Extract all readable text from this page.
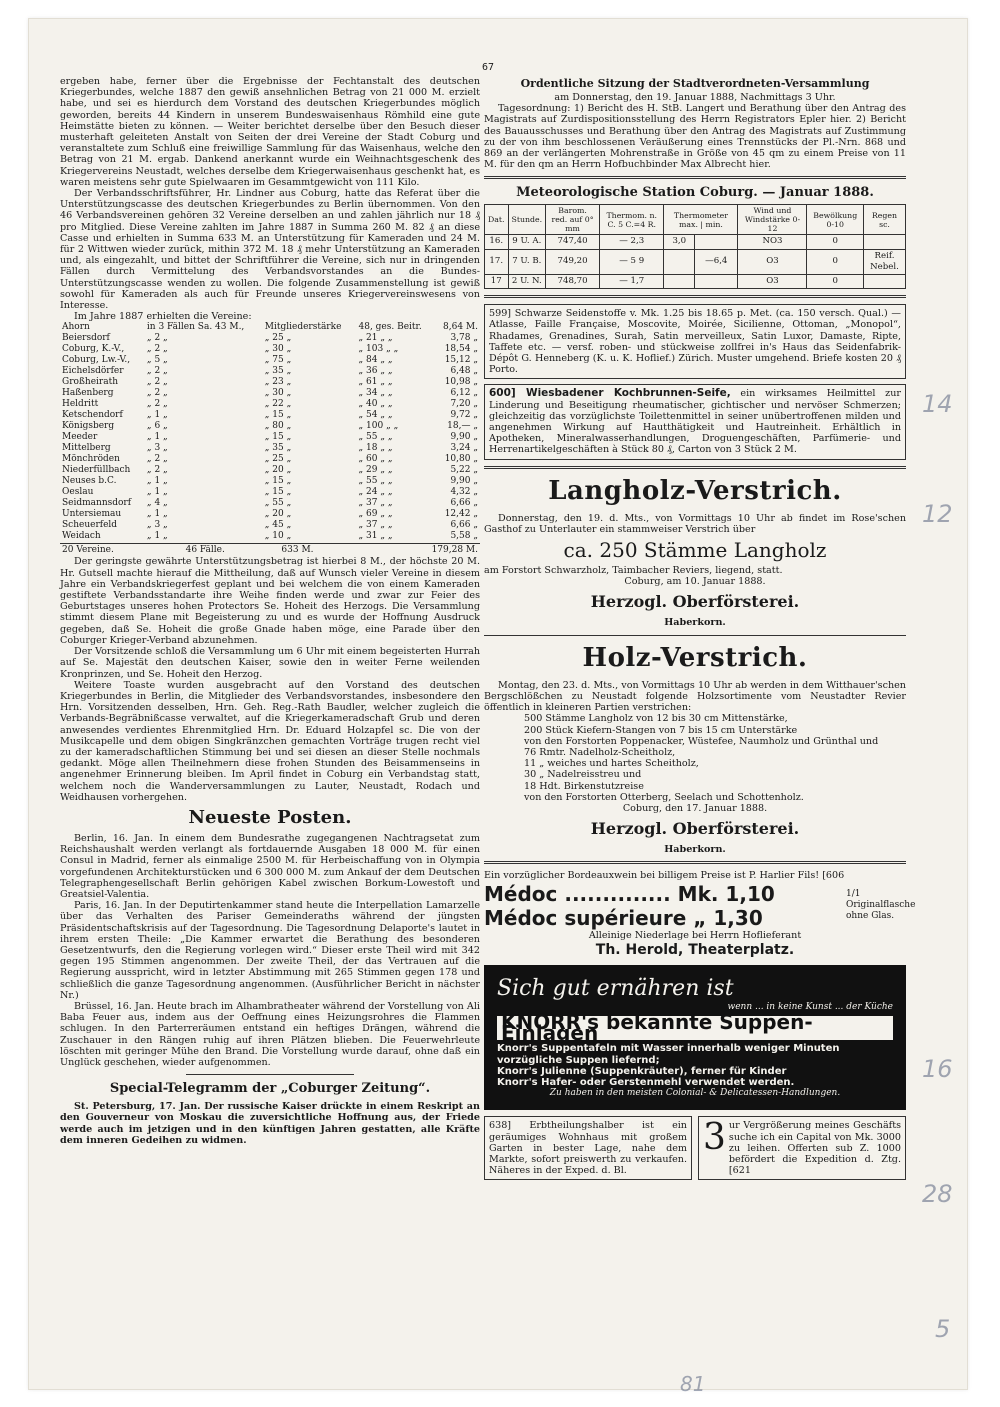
67

ergeben habe, ferner über die Ergebnisse der Fechtanstalt des deutschen Kriegerbundes, welche 1887 den gewiß ansehnlichen Betrag von 21 000 M. erzielt habe, und sei es hierdurch dem Vorstand des deutschen Kriegerbundes möglich geworden, bereits 44 Kindern in unserem Bundeswaisenhaus Römhild eine gute Heimstätte bieten zu können. — Weiter berichtet derselbe über den Besuch dieser musterhaft geleiteten Anstalt von Seiten der drei Vereine der Stadt Coburg und veranstaltete zum Schluß eine freiwillige Sammlung für das Waisenhaus, welche den Betrag von 21 M. ergab. Dankend anerkannt wurde ein Weihnachtsgeschenk des Kriegervereins Neustadt, welches derselbe dem Kriegerwaisenhaus geschenkt hat, es waren meistens sehr gute Spielwaaren im Gesammtgewicht von 111 Kilo.

Der Verbandsschriftsführer, Hr. Lindner aus Coburg, hatte das Referat über die Unterstützungscasse des deutschen Kriegerbundes zu Berlin übernommen. Von den 46 Verbandsvereinen gehören 32 Vereine derselben an und zahlen jährlich nur 18 ₰ pro Mitglied. Diese Vereine zahlten im Jahre 1887 in Summa 260 M. 82 ₰ an diese Casse und erhielten in Summa 633 M. an Unterstützung für Kameraden und 24 M. für 2 Wittwen wieder zurück, mithin 372 M. 18 ₰ mehr Unterstützung an Kameraden und, als eingezahlt, und bittet der Schriftführer die Vereine, sich nur in dringenden Fällen durch Vermittelung des Verbandsvorstandes an die Bundes-Unterstützungscasse wenden zu wollen. Die folgende Zusammenstellung ist gewiß sowohl für Kameraden als auch für Freunde unseres Kriegervereinswesens von Interesse.

Im Jahre 1887 erhielten die Vereine:

Ahorn	in 3 Fällen Sa. 43 M.,	Mitgliederstärke	48, ges. Beitr.	8,64 M.
Beiersdorf	„ 2 „	„ 25 „	„ 21 „ „	3,78 „
Coburg, K.-V.,	„ 2 „	„ 30 „	„ 103 „ „	18,54 „
Coburg, Lw.-V.,	„ 5 „	„ 75 „	„ 84 „ „	15,12 „
Eichelsdörfer	„ 2 „	„ 35 „	„ 36 „ „	6,48 „
Großheirath	„ 2 „	„ 23 „	„ 61 „ „	10,98 „
Haßenberg	„ 2 „	„ 30 „	„ 34 „ „	6,12 „
Heldritt	„ 2 „	„ 22 „	„ 40 „ „	7,20 „
Ketschendorf	„ 1 „	„ 15 „	„ 54 „ „	9,72 „
Königsberg	„ 6 „	„ 80 „	„ 100 „ „	18,— „
Meeder	„ 1 „	„ 15 „	„ 55 „ „	9,90 „
Mittelberg	„ 3 „	„ 35 „	„ 18 „ „	3,24 „
Mönchröden	„ 2 „	„ 25 „	„ 60 „ „	10,80 „
Niederfüllbach	„ 2 „	„ 20 „	„ 29 „ „	5,22 „
Neuses b.C.	„ 1 „	„ 15 „	„ 55 „ „	9,90 „
Oeslau	„ 1 „	„ 15 „	„ 24 „ „	4,32 „
Seidmannsdorf	„ 4 „	„ 55 „	„ 37 „ „	6,66 „
Untersiemau	„ 1 „	„ 20 „	„ 69 „ „	12,42 „
Scheuerfeld	„ 3 „	„ 45 „	„ 37 „ „	6,66 „
Weidach	„ 1 „	„ 10 „	„ 31 „ „	5,58 „
20 Vereine.	46 Fälle.	633 M.		179,28 M.

Der geringste gewährte Unterstützungsbetrag ist hierbei 8 M., der höchste 20 M. Hr. Gutsell machte hierauf die Mittheilung, daß auf Wunsch vieler Vereine in diesem Jahre ein Verbandskriegerfest geplant und bei welchem die von einem Kameraden gestiftete Verbandsstandarte ihre Weihe finden werde und zwar zur Feier des Geburtstages unseres hohen Protectors Se. Hoheit des Herzogs. Die Versammlung stimmt diesem Plane mit Begeisterung zu und es wurde der Hoffnung Ausdruck gegeben, daß Se. Hoheit die große Gnade haben möge, eine Parade über den Coburger Krieger-Verband abzunehmen.

Der Vorsitzende schloß die Versammlung um 6 Uhr mit einem begeisterten Hurrah auf Se. Majestät den deutschen Kaiser, sowie den in weiter Ferne weilenden Kronprinzen, und Se. Hoheit den Herzog.

Weitere Toaste wurden ausgebracht auf den Vorstand des deutschen Kriegerbundes in Berlin, die Mitglieder des Verbandsvorstandes, insbesondere den Hrn. Vorsitzenden desselben, Hrn. Geh. Reg.-Rath Baudler, welcher zugleich die Verbands-Begräbnißcasse verwaltet, auf die Kriegerkameradschaft Grub und deren anwesendes verdientes Ehrenmitglied Hrn. Dr. Eduard Holzapfel sc. Die von der Musikcapelle und dem obigen Singkränzchen gemachten Vorträge trugen recht viel zu der kameradschaftlichen Stimmung bei und sei diesen an dieser Stelle nochmals gedankt. Möge allen Theilnehmern diese frohen Stunden des Beisammenseins in angenehmer Erinnerung bleiben. Im April findet in Coburg ein Verbandstag statt, welchem noch die Wanderversammlungen zu Lauter, Neustadt, Rodach und Weidhausen vorhergehen.

Neueste Posten.

Berlin, 16. Jan. In einem dem Bundesrathe zugegangenen Nachtragsetat zum Reichshaushalt werden verlangt als fortdauernde Ausgaben 18 000 M. für einen Consul in Madrid, ferner als einmalige 2500 M. für Herbeischaffung von in Olympia vorgefundenen Architekturstücken und 6 300 000 M. zum Ankauf der dem Deutschen Telegraphengesellschaft Berlin gehörigen Kabel zwischen Borkum-Lowestoft und Greatsiel-Valentia.

Paris, 16. Jan. In der Deputirtenkammer stand heute die Interpellation Lamarzelle über das Verhalten des Pariser Gemeinderaths während der jüngsten Präsidentschaftskrisis auf der Tagesordnung. Die Tagesordnung Delaporte's lautet in ihrem ersten Theile: „Die Kammer erwartet die Berathung des besonderen Gesetzentwurfs, den die Regierung vorlegen wird.“ Dieser erste Theil wird mit 342 gegen 195 Stimmen angenommen. Der zweite Theil, der das Vertrauen auf die Regierung ausspricht, wird in letzter Abstimmung mit 265 Stimmen gegen 178 und schließlich die ganze Tagesordnung angenommen. (Ausführlicher Bericht in nächster Nr.)

Brüssel, 16. Jan. Heute brach im Alhambratheater während der Vorstellung von Ali Baba Feuer aus, indem aus der Oeffnung eines Heizungsrohres die Flammen schlugen. In den Parterreräumen entstand ein heftiges Drängen, während die Zuschauer in den Rängen ruhig auf ihren Plätzen blieben. Die Feuerwehrleute löschten mit geringer Mühe den Brand. Die Vorstellung wurde darauf, ohne daß ein Unglück geschehen, wieder aufgenommen.

Special-Telegramm der „Coburger Zeitung“.

St. Petersburg, 17. Jan. Der russische Kaiser drückte in einem Reskript an den Gouverneur von Moskau die zuversichtliche Hoffnung aus, der Friede werde auch im jetzigen und in den künftigen Jahren gestatten, alle Kräfte dem inneren Gedeihen zu widmen.

Ordentliche Sitzung der Stadtverordneten-Versammlung

am Donnerstag, den 19. Januar 1888, Nachmittags 3 Uhr.

Tagesordnung: 1) Bericht des H. StB. Langert und Berathung über den Antrag des Magistrats auf Zurdispositionsstellung des Herrn Registrators Epler hier. 2) Bericht des Bauausschusses und Berathung über den Antrag des Magistrats auf Zustimmung zu der von ihm beschlossenen Veräußerung eines Trennstücks der Pl.-Nrn. 868 und 869 an der verlängerten Mohrenstraße in Größe von 45 qm zu einem Preise von 11 M. für den qm an Herrn Hofbuchbinder Max Albrecht hier.

Meteorologische Station Coburg. — Januar 1888.
Dat.	Stunde.	Barom. red. auf 0° mm	Thermom. n. C. 5 C.=4 R.	Thermometer max. | min.		Wind und Windstärke 0-12	Bewölkung 0-10	Regen sc.
16.	9 U. A.	747,40	— 2,3	3,0		NO3	0	
17.	7 U. B.	749,20	— 5 9		—6,4	O3	0	Reif. Nebel.
17	2 U. N.	748,70	— 1,7			O3	0	

599] Schwarze Seidenstoffe v. Mk. 1.25 bis 18.65 p. Met. (ca. 150 versch. Qual.) — Atlasse, Faille Française, Moscovite, Moirée, Sicilienne, Ottoman, „Monopol“, Rhadames, Grenadines, Surah, Satin merveilleux, Satin Luxor, Damaste, Ripte, Taffete etc. — versf. roben- und stückweise zollfrei in's Haus das Seidenfabrik-Dépôt G. Henneberg (K. u. K. Hoflief.) Zürich. Muster umgehend. Briefe kosten 20 ₰ Porto.

600] Wiesbadener Kochbrunnen-Seife, ein wirksames Heilmittel zur Linderung und Beseitigung rheumatischer, gichtischer und nervöser Schmerzen; gleichzeitig das vorzüglichste Toilettenmittel in seiner unübertroffenen milden und angenehmen Wirkung auf Hautthätigkeit und Hautreinheit. Erhältlich in Apotheken, Mineralwasserhandlungen, Droguengeschäften, Parfümerie- und Herrenartikelgeschäften à Stück 80 ₰, Carton von 3 Stück 2 M.

Langholz-Verstrich.

Donnerstag, den 19. d. Mts., von Vormittags 10 Uhr ab findet im Rose'schen Gasthof zu Unterlauter ein stammweiser Verstrich über

ca. 250 Stämme Langholz

am Forstort Schwarzholz, Taimbacher Reviers, liegend, statt.

Coburg, am 10. Januar 1888.

Herzogl. Oberförsterei.

Haberkorn.

Holz-Verstrich.

Montag, den 23. d. Mts., von Vormittags 10 Uhr ab werden in dem Witthauer'schen Bergschlößchen zu Neustadt folgende Holzsortimente vom Neustadter Revier öffentlich in kleineren Partien verstrichen:

500 Stämme Langholz von 12 bis 30 cm Mittenstärke,
200 Stück Kiefern-Stangen von 7 bis 15 cm Unterstärke
von den Forstorten Poppenacker, Wüstefee, Naumholz und Grünthal und
76 Rmtr. Nadelholz-Scheitholz,
11 „ weiches und hartes Scheitholz,
30 „ Nadelreisstreu und
18 Hdt. Birkenstutzreise
von den Forstorten Otterberg, Seelach und Schottenholz.

Coburg, den 17. Januar 1888.

Herzogl. Oberförsterei.

Haberkorn.

Ein vorzüglicher Bordeauxwein bei billigem Preise ist P. Harlier Fils! [606

Médoc .............. Mk. 1,10
Médoc supérieure „ 1,30
1/1 Originalflasche ohne Glas.

Alleinige Niederlage bei Herrn Hoflieferant

Th. Herold, Theaterplatz.

Sich gut ernähren ist
wenn ... in keine Kunst ... der Küche
KNORR's bekannte Suppen-Einlagen
Knorr's Suppentafeln mit Wasser innerhalb weniger Minuten vorzügliche Suppen liefernd;
Knorr's Julienne (Suppenkräuter), ferner für Kinder
Knorr's Hafer- oder Gerstenmehl verwendet werden.
Zu haben in den meisten Colonial- & Delicatessen-Handlungen.

638] Erbtheilungshalber ist ein geräumiges Wohnhaus mit großem Garten in bester Lage, nahe dem Markte, sofort preiswerth zu verkaufen. Näheres in der Exped. d. Bl.

3 ur Vergrößerung meines Geschäfts suche ich ein Capital von Mk. 3000 zu leihen. Offerten sub Z. 1000 befördert die Expedition d. Ztg. [621

14
12
16
28
5
81
